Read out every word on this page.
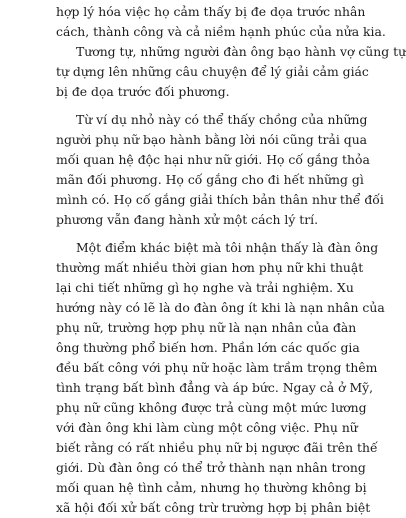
hợp lý hóa việc họ cảm thấy bị đe dọa trước nhân
cách, thành công và cả niềm hạnh phúc của nửa kia.
Tương tự, những người đàn ông bạo hành vợ cũng tự
tự dựng lên những câu chuyện để lý giải cảm giác
bị đe dọa trước đối phương.
Từ ví dụ nhỏ này có thể thấy chồng của những
người phụ nữ bạo hành bằng lời nói cũng trải qua
mối quan hệ độc hại như nữ giới. Họ cố gắng thỏa
mãn đối phương. Họ cố gắng cho đi hết những gì
mình có. Họ cố gắng giải thích bản thân như thể đối
phương vẫn đang hành xử một cách lý trí.
Một điểm khác biệt mà tôi nhận thấy là đàn ông
thường mất nhiều thời gian hơn phụ nữ khi thuật
lại chi tiết những gì họ nghe và trải nghiệm. Xu
hướng này có lẽ là do đàn ông ít khi là nạn nhân của
phụ nữ, trường hợp phụ nữ là nạn nhân của đàn
ông thường phổ biến hơn. Phần lớn các quốc gia
đều bất công với phụ nữ hoặc làm trầm trọng thêm
tình trạng bất bình đẳng và áp bức. Ngay cả ở Mỹ,
phụ nữ cũng không được trả cùng một mức lương
với đàn ông khi làm cùng một công việc. Phụ nữ
biết rằng có rất nhiều phụ nữ bị ngược đãi trên thế
giới. Dù đàn ông có thể trở thành nạn nhân trong
mối quan hệ tình cảm, nhưng họ thường không bị
xã hội đối xử bất công trừ trường hợp bị phân biệt
